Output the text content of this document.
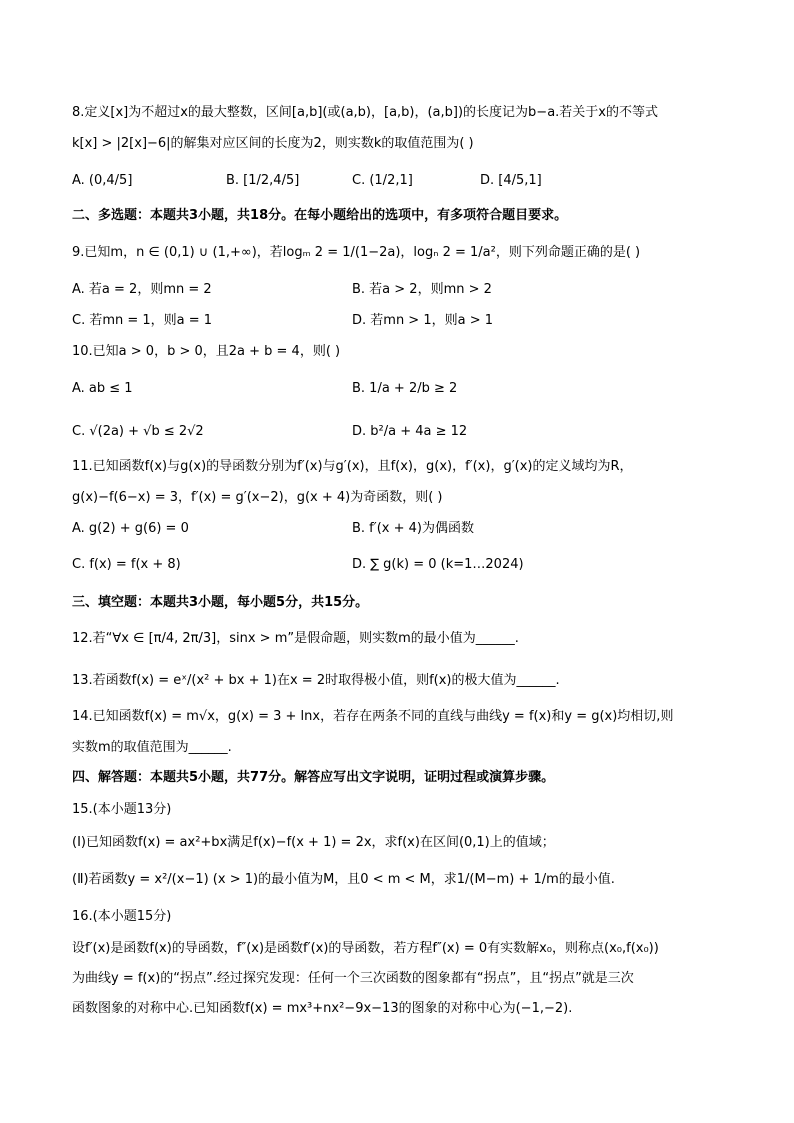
8.定义[x]为不超过x的最大整数，区间[a,b](或(a,b)，[a,b)，(a,b])的长度记为b−a.若关于x的不等式
k[x] > |2[x]−6|的解集对应区间的长度为2，则实数k的取值范围为( )
A. (0,4/5]	B. [1/2,4/5]	C. (1/2,1]	D. [4/5,1]
二、多选题：本题共3小题，共18分。在每小题给出的选项中，有多项符合题目要求。
9.已知m，n ∈ (0,1) ∪ (1,+∞)，若logₘ 2 = 1/(1−2a)，logₙ 2 = 1/a²，则下列命题正确的是( )
A. 若a = 2，则mn = 2	B. 若a > 2，则mn > 2
C. 若mn = 1，则a = 1	D. 若mn > 1，则a > 1
10.已知a > 0，b > 0，且2a + b = 4，则( )
A. ab ≤ 1	B. 1/a + 2/b ≥ 2
C. √(2a) + √b ≤ 2√2	D. b²/a + 4a ≥ 12
11.已知函数f(x)与g(x)的导函数分别为f′(x)与g′(x)，且f(x)，g(x)，f′(x)，g′(x)的定义域均为R，
g(x)−f(6−x) = 3，f′(x) = g′(x−2)，g(x + 4)为奇函数，则( )
A. g(2) + g(6) = 0	B. f′(x + 4)为偶函数
C. f(x) = f(x + 8)	D. ∑ g(k) = 0 (k=1…2024)
三、填空题：本题共3小题，每小题5分，共15分。
12.若“∀x ∈ [π/4, 2π/3]，sinx > m”是假命题，则实数m的最小值为______.
13.若函数f(x) = eˣ/(x² + bx + 1)在x = 2时取得极小值，则f(x)的极大值为______.
14.已知函数f(x) = m√x，g(x) = 3 + lnx，若存在两条不同的直线与曲线y = f(x)和y = g(x)均相切,则
实数m的取值范围为______.
四、解答题：本题共5小题，共77分。解答应写出文字说明，证明过程或演算步骤。
15.(本小题13分)
(Ⅰ)已知函数f(x) = ax²+bx满足f(x)−f(x + 1) = 2x，求f(x)在区间(0,1)上的值域；
(Ⅱ)若函数y = x²/(x−1) (x > 1)的最小值为M，且0 < m < M，求1/(M−m) + 1/m的最小值.
16.(本小题15分)
设f′(x)是函数f(x)的导函数，f″(x)是函数f′(x)的导函数，若方程f″(x) = 0有实数解x₀，则称点(x₀,f(x₀))
为曲线y = f(x)的“拐点”.经过探究发现：任何一个三次函数的图象都有“拐点”，且“拐点”就是三次
函数图象的对称中心.已知函数f(x) = mx³+nx²−9x−13的图象的对称中心为(−1,−2).
